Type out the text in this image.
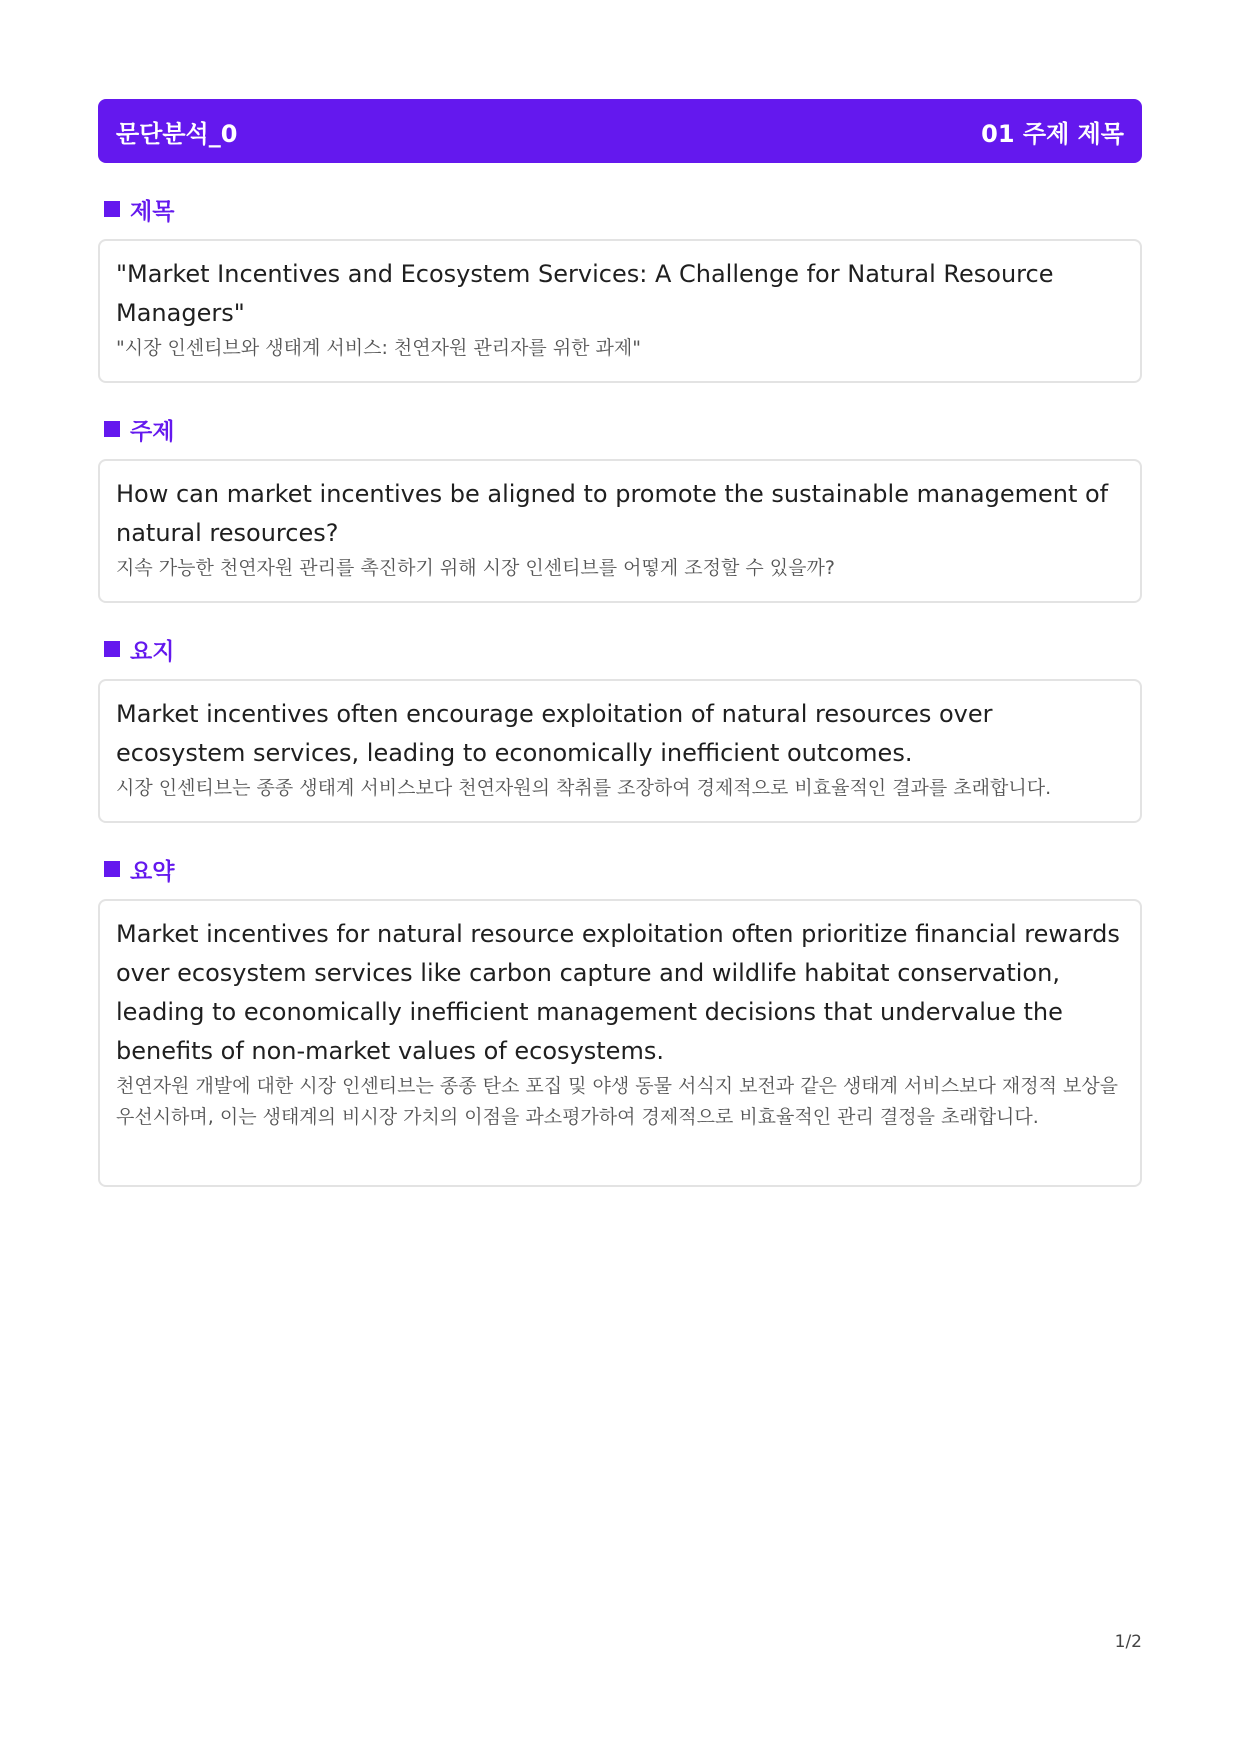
문단분석_0	01 주제 제목
제목
"Market Incentives and Ecosystem Services: A Challenge for Natural Resource Managers"
"시장 인센티브와 생태계 서비스: 천연자원 관리자를 위한 과제"
주제
How can market incentives be aligned to promote the sustainable management of natural resources?
지속 가능한 천연자원 관리를 촉진하기 위해 시장 인센티브를 어떻게 조정할 수 있을까?
요지
Market incentives often encourage exploitation of natural resources over ecosystem services, leading to economically inefficient outcomes.
시장 인센티브는 종종 생태계 서비스보다 천연자원의 착취를 조장하여 경제적으로 비효율적인 결과를 초래합니다.
요약
Market incentives for natural resource exploitation often prioritize financial rewards over ecosystem services like carbon capture and wildlife habitat conservation, leading to economically inefficient management decisions that undervalue the benefits of non-market values of ecosystems.
천연자원 개발에 대한 시장 인센티브는 종종 탄소 포집 및 야생 동물 서식지 보전과 같은 생태계 서비스보다 재정적 보상을 우선시하며, 이는 생태계의 비시장 가치의 이점을 과소평가하여 경제적으로 비효율적인 관리 결정을 초래합니다.
1/2
